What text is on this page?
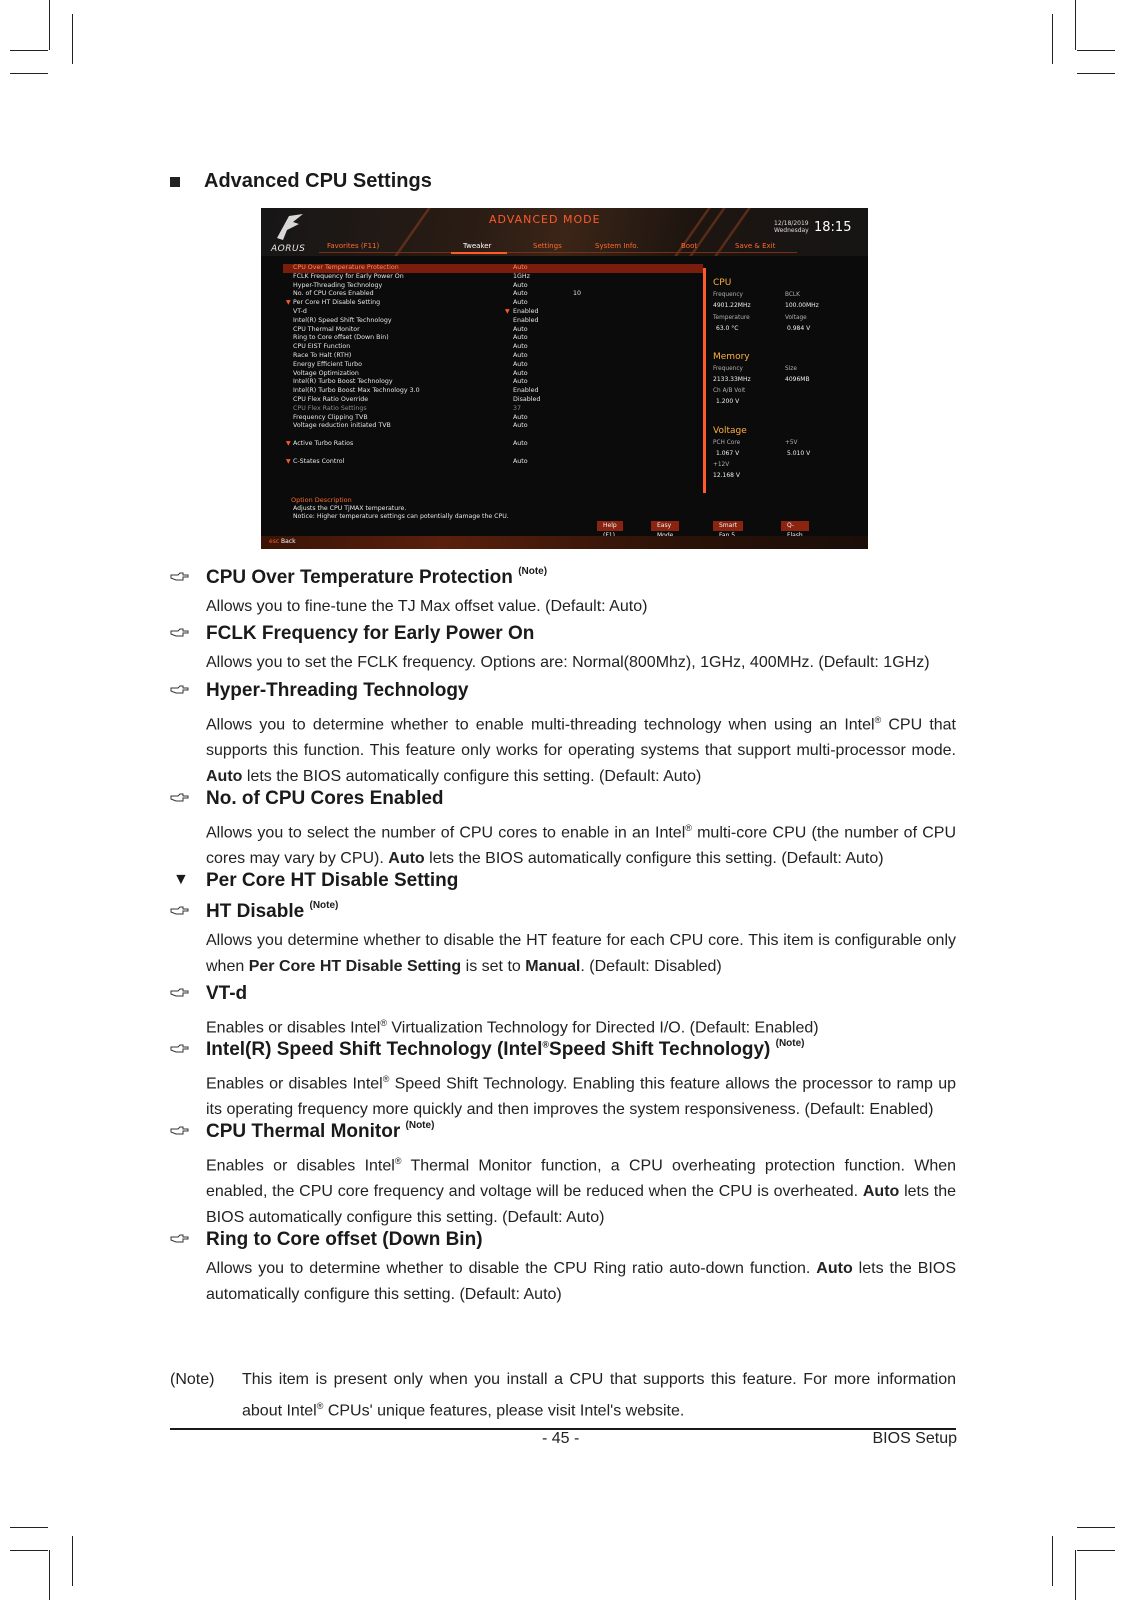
Advanced CPU Settings
AORUS
ADVANCED MODE	12/18/2019
Wednesday 18:15
Favorites (F11)	Tweaker	Settings	System Info.	Boot	Save & Exit
CPU Over Temperature Protection	Auto
FCLK Frequency for Early Power On	1GHz
Hyper-Threading Technology	Auto
No. of CPU Cores Enabled	Auto	10
▼ Per Core HT Disable Setting	Auto
VT-d	▼ Enabled
Intel(R) Speed Shift Technology	Enabled
CPU Thermal Monitor	Auto
Ring to Core offset (Down Bin)	Auto
CPU EIST Function	Auto
Race To Halt (RTH)	Auto
Energy Efficient Turbo	Auto
Voltage Optimization	Auto
Intel(R) Turbo Boost Technology	Auto
Intel(R) Turbo Boost Max Technology 3.0	Enabled
CPU Flex Ratio Override	Disabled
CPU Flex Ratio Settings	37
Frequency Clipping TVB	Auto
Voltage reduction initiated TVB	Auto
▼ Active Turbo Ratios	Auto
▼ C-States Control	Auto
CPU
Frequency	BCLK
4901.22MHz	100.00MHz
Temperature	Voltage
63.0 °C	0.984 V
Memory
Frequency	Size
2133.33MHz	4096MB
Ch A/B Volt
1.200 V
Voltage
PCH Core	+5V
1.067 V	5.010 V
+12V
12.168 V
Option Description
Adjusts the CPU TjMAX temperature.
Notice: Higher temperature settings can potentially damage the CPU.
Help	Easy	Smart	Q-
esc Back
CPU Over Temperature Protection $^{(Note)}$
Allows you to fine-tune the TJ Max offset value. (Default: Auto)
FCLK Frequency for Early Power On
Allows you to set the FCLK frequency. Options are: Normal(800Mhz), 1GHz, 400MHz. (Default: 1GHz)
Hyper-Threading Technology
Allows you to determine whether to enable multi-threading technology when using an Intel® CPU that supports this function. This feature only works for operating systems that support multi-processor mode. Auto lets the BIOS automatically configure this setting. (Default: Auto)
No. of CPU Cores Enabled
Allows you to select the number of CPU cores to enable in an Intel® multi-core CPU (the number of CPU cores may vary by CPU). Auto lets the BIOS automatically configure this setting. (Default: Auto)
▼ Per Core HT Disable Setting
HT Disable $^{(Note)}$
Allows you determine whether to disable the HT feature for each CPU core. This item is configurable only when Per Core HT Disable Setting is set to Manual. (Default: Disabled)
VT-d
Enables or disables Intel® Virtualization Technology for Directed I/O. (Default: Enabled)
Intel(R) Speed Shift Technology (Intel®Speed Shift Technology) $^{(Note)}$
Enables or disables Intel® Speed Shift Technology. Enabling this feature allows the processor to ramp up its operating frequency more quickly and then improves the system responsiveness. (Default: Enabled)
CPU Thermal Monitor $^{(Note)}$
Enables or disables Intel® Thermal Monitor function, a CPU overheating protection function. When enabled, the CPU core frequency and voltage will be reduced when the CPU is overheated. Auto lets the BIOS automatically configure this setting. (Default: Auto)
Ring to Core offset (Down Bin)
Allows you to determine whether to disable the CPU Ring ratio auto-down function. Auto lets the BIOS automatically configure this setting. (Default: Auto)
(Note) This item is present only when you install a CPU that supports this feature. For more information about Intel® CPUs' unique features, please visit Intel's website.
- 45 -	BIOS Setup
